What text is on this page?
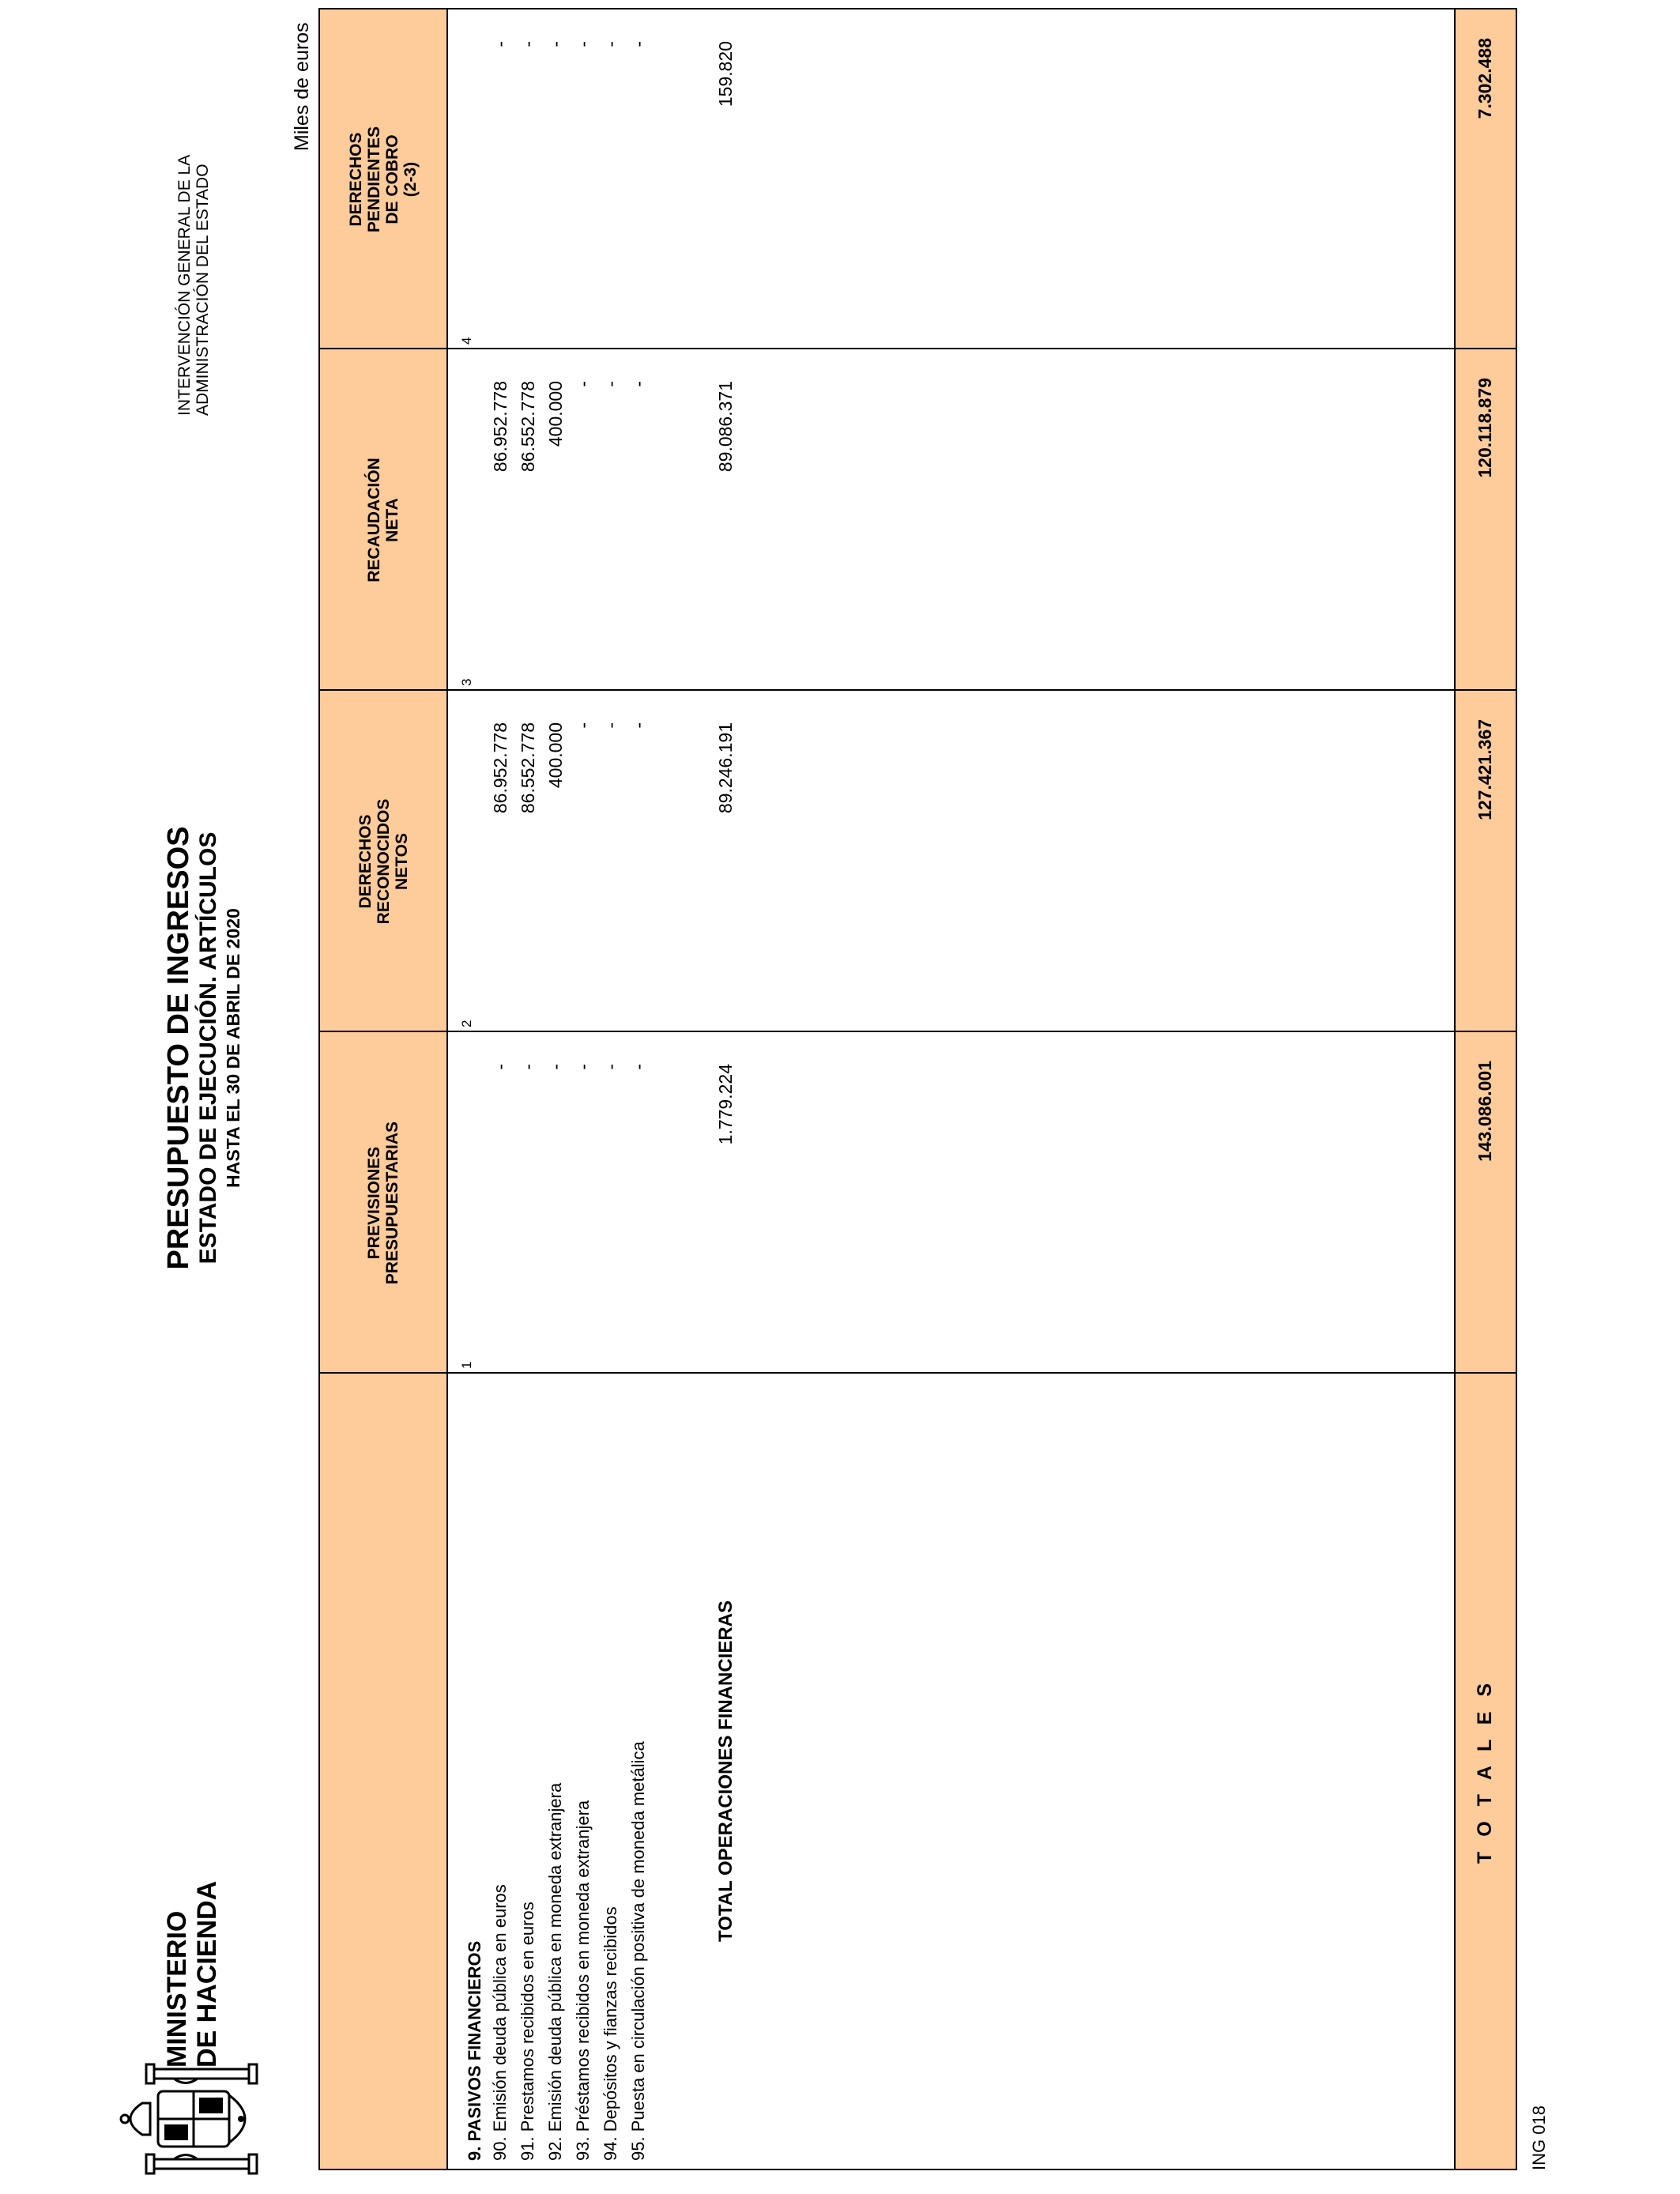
MINISTERIO DE HACIENDA
PRESUPUESTO DE INGRESOS ESTADO DE EJECUCIÓN. ARTÍCULOS HASTA EL 30 DE ABRIL DE 2020
INTERVENCIÓN GENERAL DE LA ADMINISTRACIÓN DEL ESTADO
Miles de euros
PREVISIONES PRESUPUESTARIAS
DERECHOS RECONOCIDOS NETOS
RECAUDACIÓN NETA
1
2
3
9. PASIVOS FINANCIEROS 90. Emisión deuda pública en euros
-
86.952.778
86.952.778
91. Prestamos recibidos en euros
-
86.552.778
86.552.778
92. Emisión deuda pública en moneda extranjera
-
400.000
400.000
93. Préstamos recibidos en moneda extranjera
-
-
-
94. Depósitos y fianzas recibidos
-
-
-
95. Puesta en circulación positiva de moneda metálica
-
-
-
TOTAL OPERACIONES FINANCIERAS
1.779.224
89.246.191
89.086.371
T O T A L E S
143.086.001
127.421.367
120.118.879
DERECHOS PENDIENTES DE COBRO (2-3)
4
- - - - - -	159.820	7.302.488
ING 018
